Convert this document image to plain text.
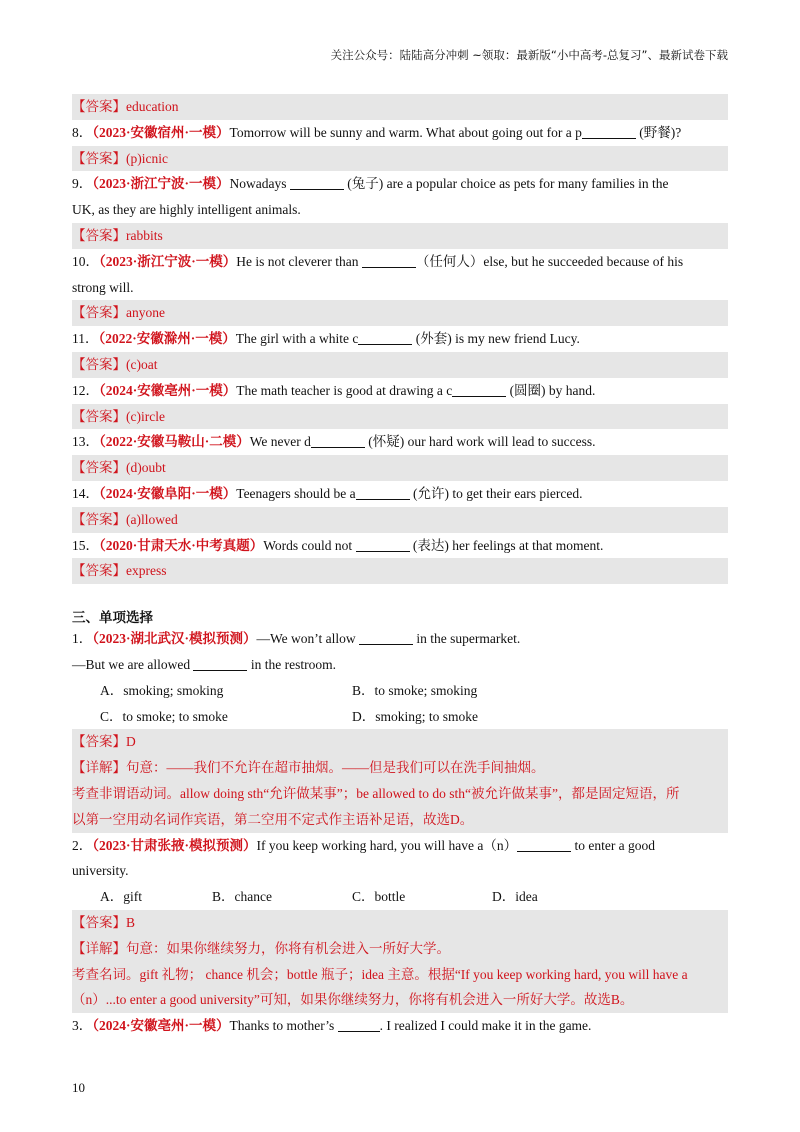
关注公众号：陆陆高分冲刺 ~领取：最新版“小中高考-总复习”、最新试卷下载
【答案】education
8．（2023·安徽宿州·一模）Tomorrow will be sunny and warm. What about going out for a p	(野餐)?
【答案】(p)icnic
9．（2023·浙江宁波·一模）Nowadays	(兔子) are a popular choice as pets for many families in the
UK, as they are highly intelligent animals.
【答案】rabbits
10．（2023·浙江宁波·一模）He is not cleverer than	（任何人）else, but he succeeded because of his
strong will.
【答案】anyone
11．（2022·安徽滁州·一模）The girl with a white c	(外套) is my new friend Lucy.
【答案】(c)oat
12．（2024·安徽亳州·一模）The math teacher is good at drawing a c	(圆圈) by hand.
【答案】(c)ircle
13．（2022·安徽马鞍山·二模）We never d	(怀疑) our hard work will lead to success.
【答案】(d)oubt
14．（2024·安徽阜阳·一模）Teenagers should be a	(允许) to get their ears pierced.
【答案】(a)llowed
15．（2020·甘肃天水·中考真题）Words could not	(表达) her feelings at that moment.
【答案】express
三、单项选择
1．（2023·湖北武汉·模拟预测）—We won’t allow	in the supermarket.
—But we are allowed	in the restroom.
A．smoking; smoking	B．to smoke; smoking
C．to smoke; to smoke	D．smoking; to smoke
【答案】D
【详解】句意：——我们不允许在超市抽烟。——但是我们可以在洗手间抽烟。
考查非谓语动词。allow doing sth“允许做某事”；be allowed to do sth“被允许做某事”，都是固定短语，所
以第一空用动名词作宾语，第二空用不定式作主语补足语，故选D。
2．（2023·甘肃张掖·模拟预测）If you keep working hard, you will have a（n）	to enter a good
university.
A．gift	B．chance	C．bottle	D．idea
【答案】B
【详解】句意：如果你继续努力，你将有机会进入一所好大学。
考查名词。gift 礼物； chance 机会；bottle 瓶子；idea 主意。根据“If you keep working hard, you will have a
（n）...to enter a good university”可知，如果你继续努力，你将有机会进入一所好大学。故选B。
3．（2024·安徽亳州·一模）Thanks to mother’s	. I realized I could make it in the game.
10
